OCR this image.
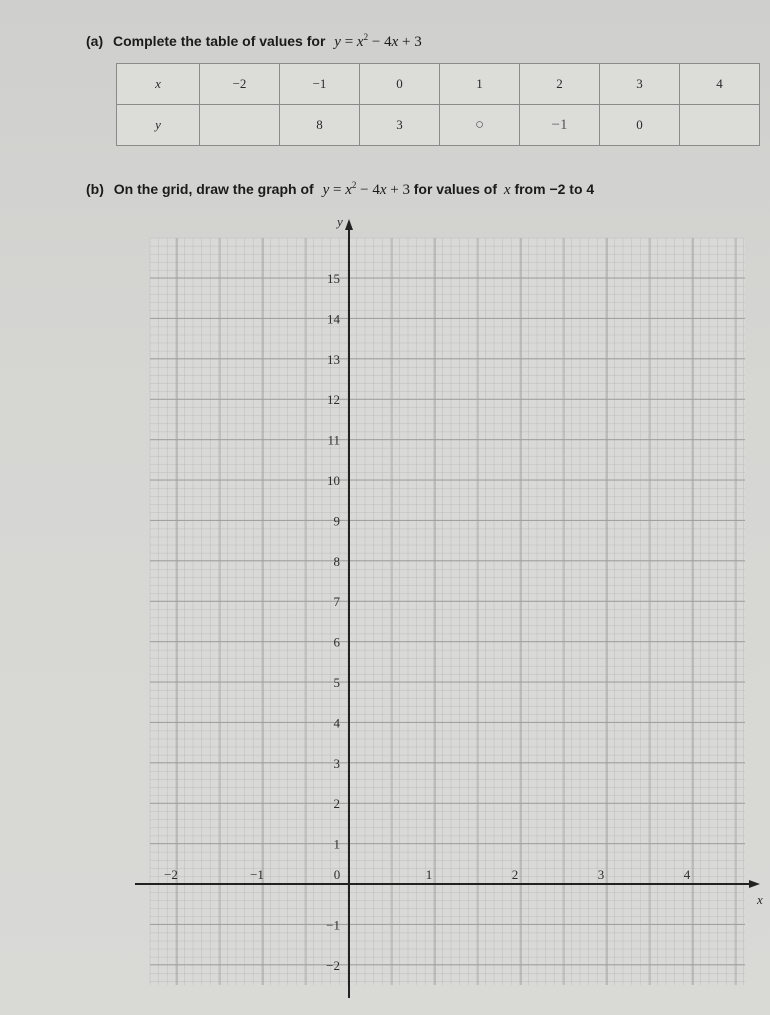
(a) Complete the table of values for $y = x^2 - 4x + 3$
x	−2	−1	0	1	2	3	4
y		8	3	○	−1	0	
(b) On the grid, draw the graph of $y = x^2 - 4x + 3$ for values of x from −2 to 4
x
y
−2	−1	0	1	2	3	4
−2
−1
1
2
3
4
5
6
7
8
9
10
11
12
13
14
15
